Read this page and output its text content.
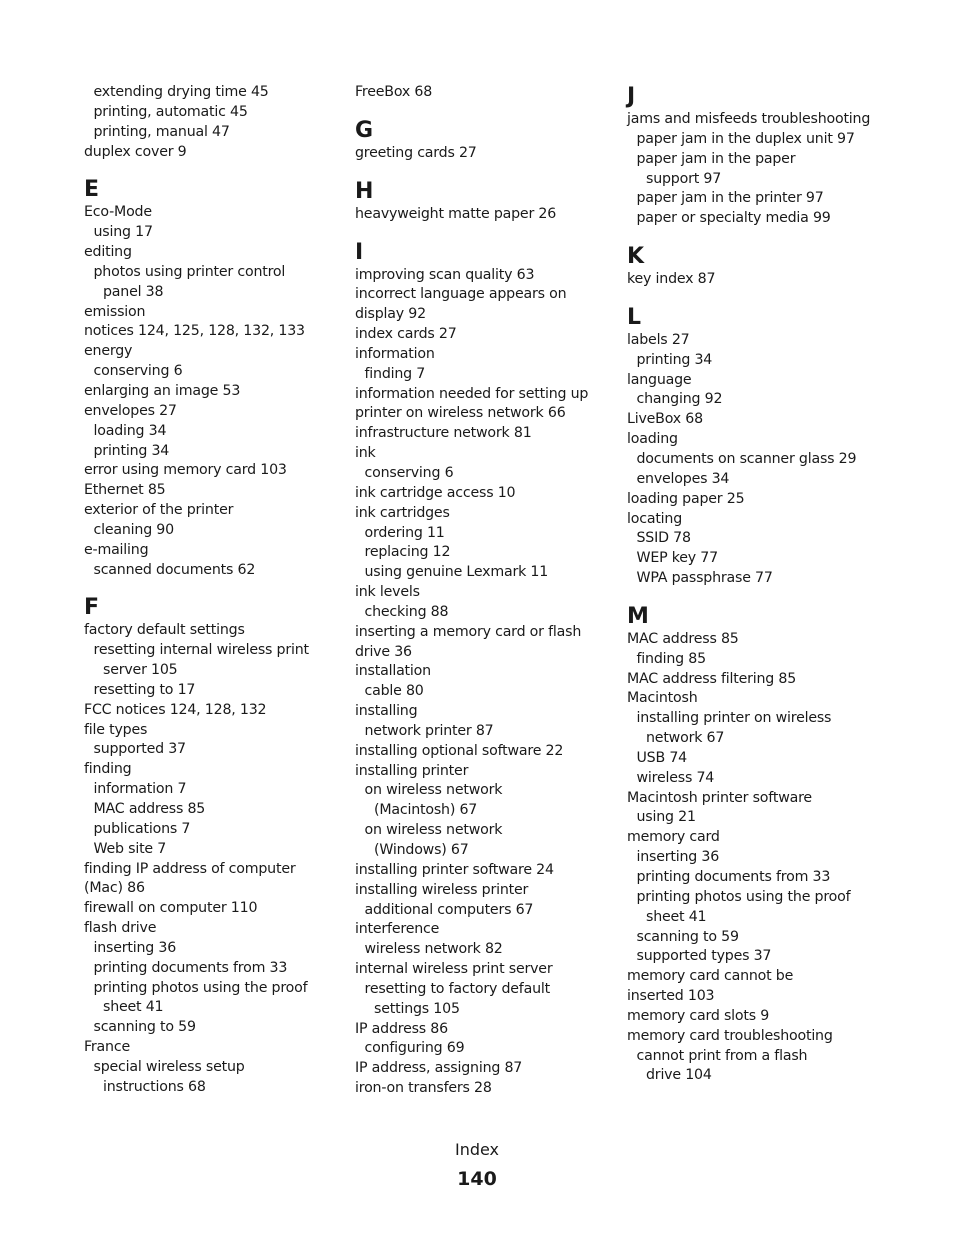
extending drying time 45
printing, automatic 45
printing, manual 47
duplex cover 9
E
Eco-Mode
using 17
editing
photos using printer control
panel 38
emission
notices 124, 125, 128, 132, 133
energy
conserving 6
enlarging an image 53
envelopes 27
loading 34
printing 34
error using memory card 103
Ethernet 85
exterior of the printer
cleaning 90
e-mailing
scanned documents 62
F
factory default settings
resetting internal wireless print
server 105
resetting to 17
FCC notices 124, 128, 132
file types
supported 37
finding
information 7
MAC address 85
publications 7
Web site 7
finding IP address of computer
(Mac) 86
firewall on computer 110
flash drive
inserting 36
printing documents from 33
printing photos using the proof
sheet 41
scanning to 59
France
special wireless setup
instructions 68
FreeBox 68
G
greeting cards 27
H
heavyweight matte paper 26
I
improving scan quality 63
incorrect language appears on
display 92
index cards 27
information
finding 7
information needed for setting up
printer on wireless network 66
infrastructure network 81
ink
conserving 6
ink cartridge access 10
ink cartridges
ordering 11
replacing 12
using genuine Lexmark 11
ink levels
checking 88
inserting a memory card or flash
drive 36
installation
cable 80
installing
network printer 87
installing optional software 22
installing printer
on wireless network
(Macintosh) 67
on wireless network
(Windows) 67
installing printer software 24
installing wireless printer
additional computers 67
interference
wireless network 82
internal wireless print server
resetting to factory default
settings 105
IP address 86
configuring 69
IP address, assigning 87
iron-on transfers 28
J
jams and misfeeds troubleshooting
paper jam in the duplex unit 97
paper jam in the paper
support 97
paper jam in the printer 97
paper or specialty media 99
K
key index 87
L
labels 27
printing 34
language
changing 92
LiveBox 68
loading
documents on scanner glass 29
envelopes 34
loading paper 25
locating
SSID 78
WEP key 77
WPA passphrase 77
M
MAC address 85
finding 85
MAC address filtering 85
Macintosh
installing printer on wireless
network 67
USB 74
wireless 74
Macintosh printer software
using 21
memory card
inserting 36
printing documents from 33
printing photos using the proof
sheet 41
scanning to 59
supported types 37
memory card cannot be
inserted 103
memory card slots 9
memory card troubleshooting
cannot print from a flash
drive 104
Index
140
